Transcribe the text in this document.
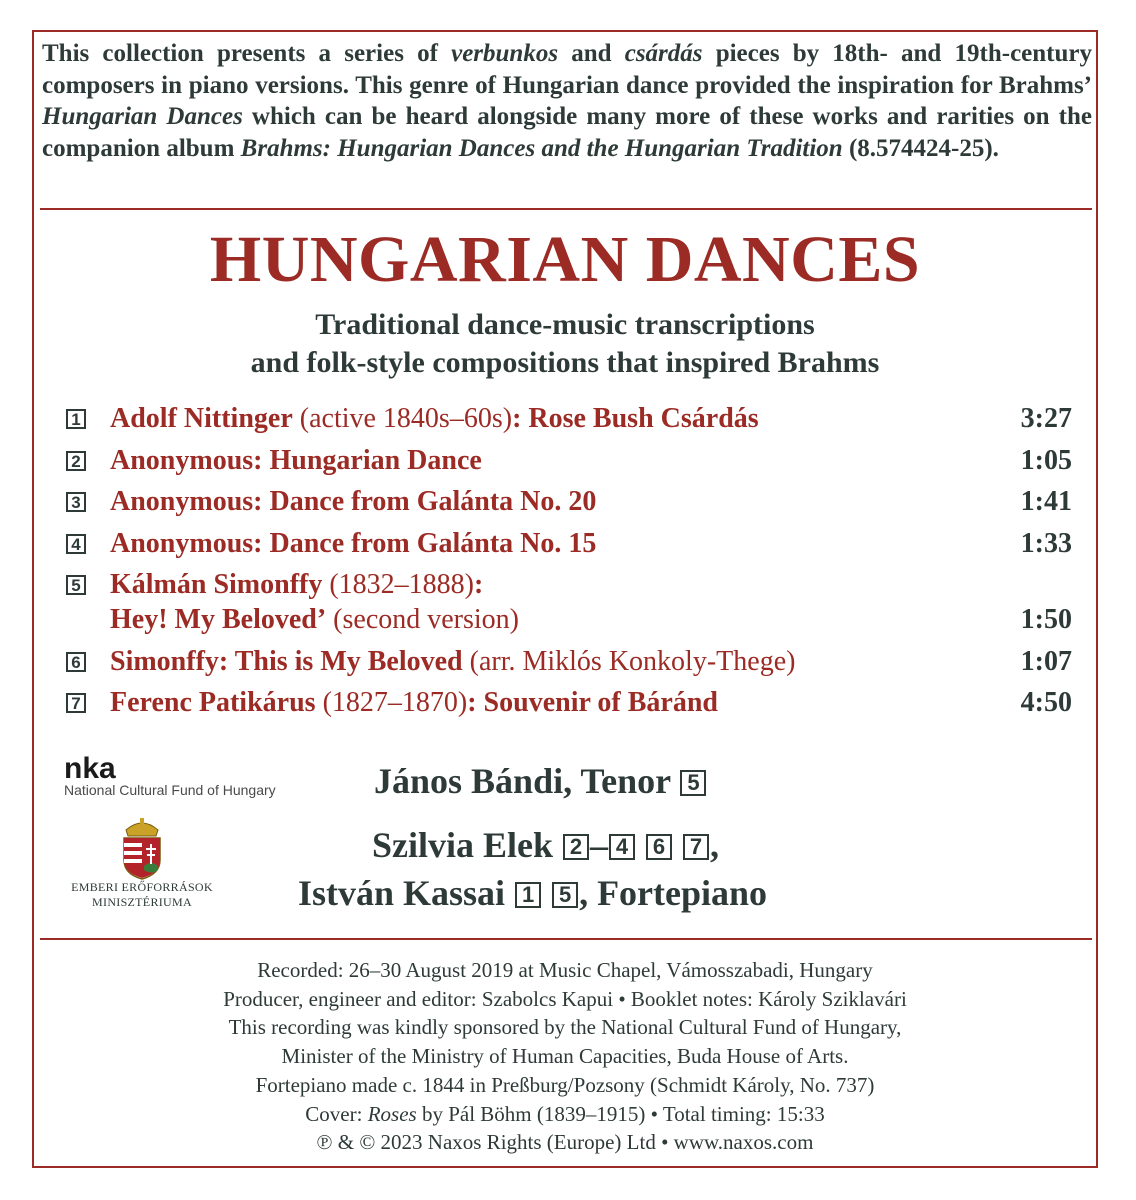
This collection presents a series of verbunkos and csárdás pieces by 18th- and 19th-century composers in piano versions. This genre of Hungarian dance provided the inspiration for Brahms’ Hungarian Dances which can be heard alongside many more of these works and rarities on the companion album Brahms: Hungarian Dances and the Hungarian Tradition (8.574424-25).
HUNGARIAN DANCES
Traditional dance-music transcriptions
and folk-style compositions that inspired Brahms
1 Adolf Nittinger (active 1840s–60s): Rose Bush Csárdás	3:27
2 Anonymous: Hungarian Dance	1:05
3 Anonymous: Dance from Galánta No. 20	1:41
4 Anonymous: Dance from Galánta No. 15	1:33
5 Kálmán Simonffy (1832–1888):
Hey! My Beloved’ (second version)	1:50
6 Simonffy: This is My Beloved (arr. Miklós Konkoly-Thege)	1:07
7 Ferenc Patikárus (1827–1870): Souvenir of Báránd	4:50
nka
National Cultural Fund of Hungary
EMBERI ERŐFORRÁSOK
MINISZTÉRIUMA
János Bándi, Tenor 5
Szilvia Elek 2 – 4 6 7 ,
István Kassai 1 5 , Fortepiano
Recorded: 26–30 August 2019 at Music Chapel, Vámosszabadi, Hungary
Producer, engineer and editor: Szabolcs Kapui • Booklet notes: Károly Sziklavári
This recording was kindly sponsored by the National Cultural Fund of Hungary,
Minister of the Ministry of Human Capacities, Buda House of Arts.
Fortepiano made c. 1844 in Preßburg/Pozsony (Schmidt Károly, No. 737)
Cover: Roses by Pál Böhm (1839–1915) • Total timing: 15:33
℗ & © 2023 Naxos Rights (Europe) Ltd • www.naxos.com
